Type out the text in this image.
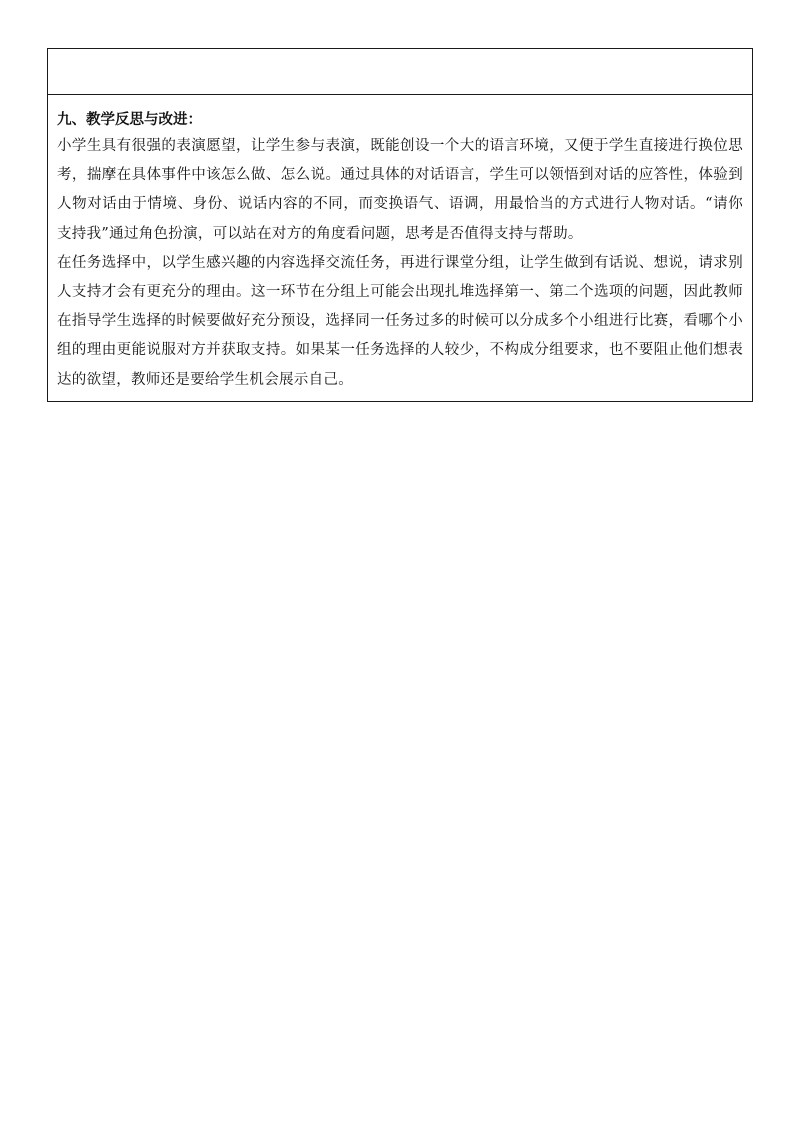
九、教学反思与改进：

小学生具有很强的表演愿望，让学生参与表演，既能创设一个大的语言环境，又便于学生直接进行换位思考，揣摩在具体事件中该怎么做、怎么说。通过具体的对话语言，学生可以领悟到对话的应答性，体验到人物对话由于情境、身份、说话内容的不同，而变换语气、语调，用最恰当的方式进行人物对话。“请你支持我”通过角色扮演，可以站在对方的角度看问题，思考是否值得支持与帮助。

在任务选择中，以学生感兴趣的内容选择交流任务，再进行课堂分组，让学生做到有话说、想说，请求别人支持才会有更充分的理由。这一环节在分组上可能会出现扎堆选择第一、第二个选项的问题，因此教师在指导学生选择的时候要做好充分预设，选择同一任务过多的时候可以分成多个小组进行比赛，看哪个小组的理由更能说服对方并获取支持。如果某一任务选择的人较少，不构成分组要求，也不要阻止他们想表达的欲望，教师还是要给学生机会展示自己。
